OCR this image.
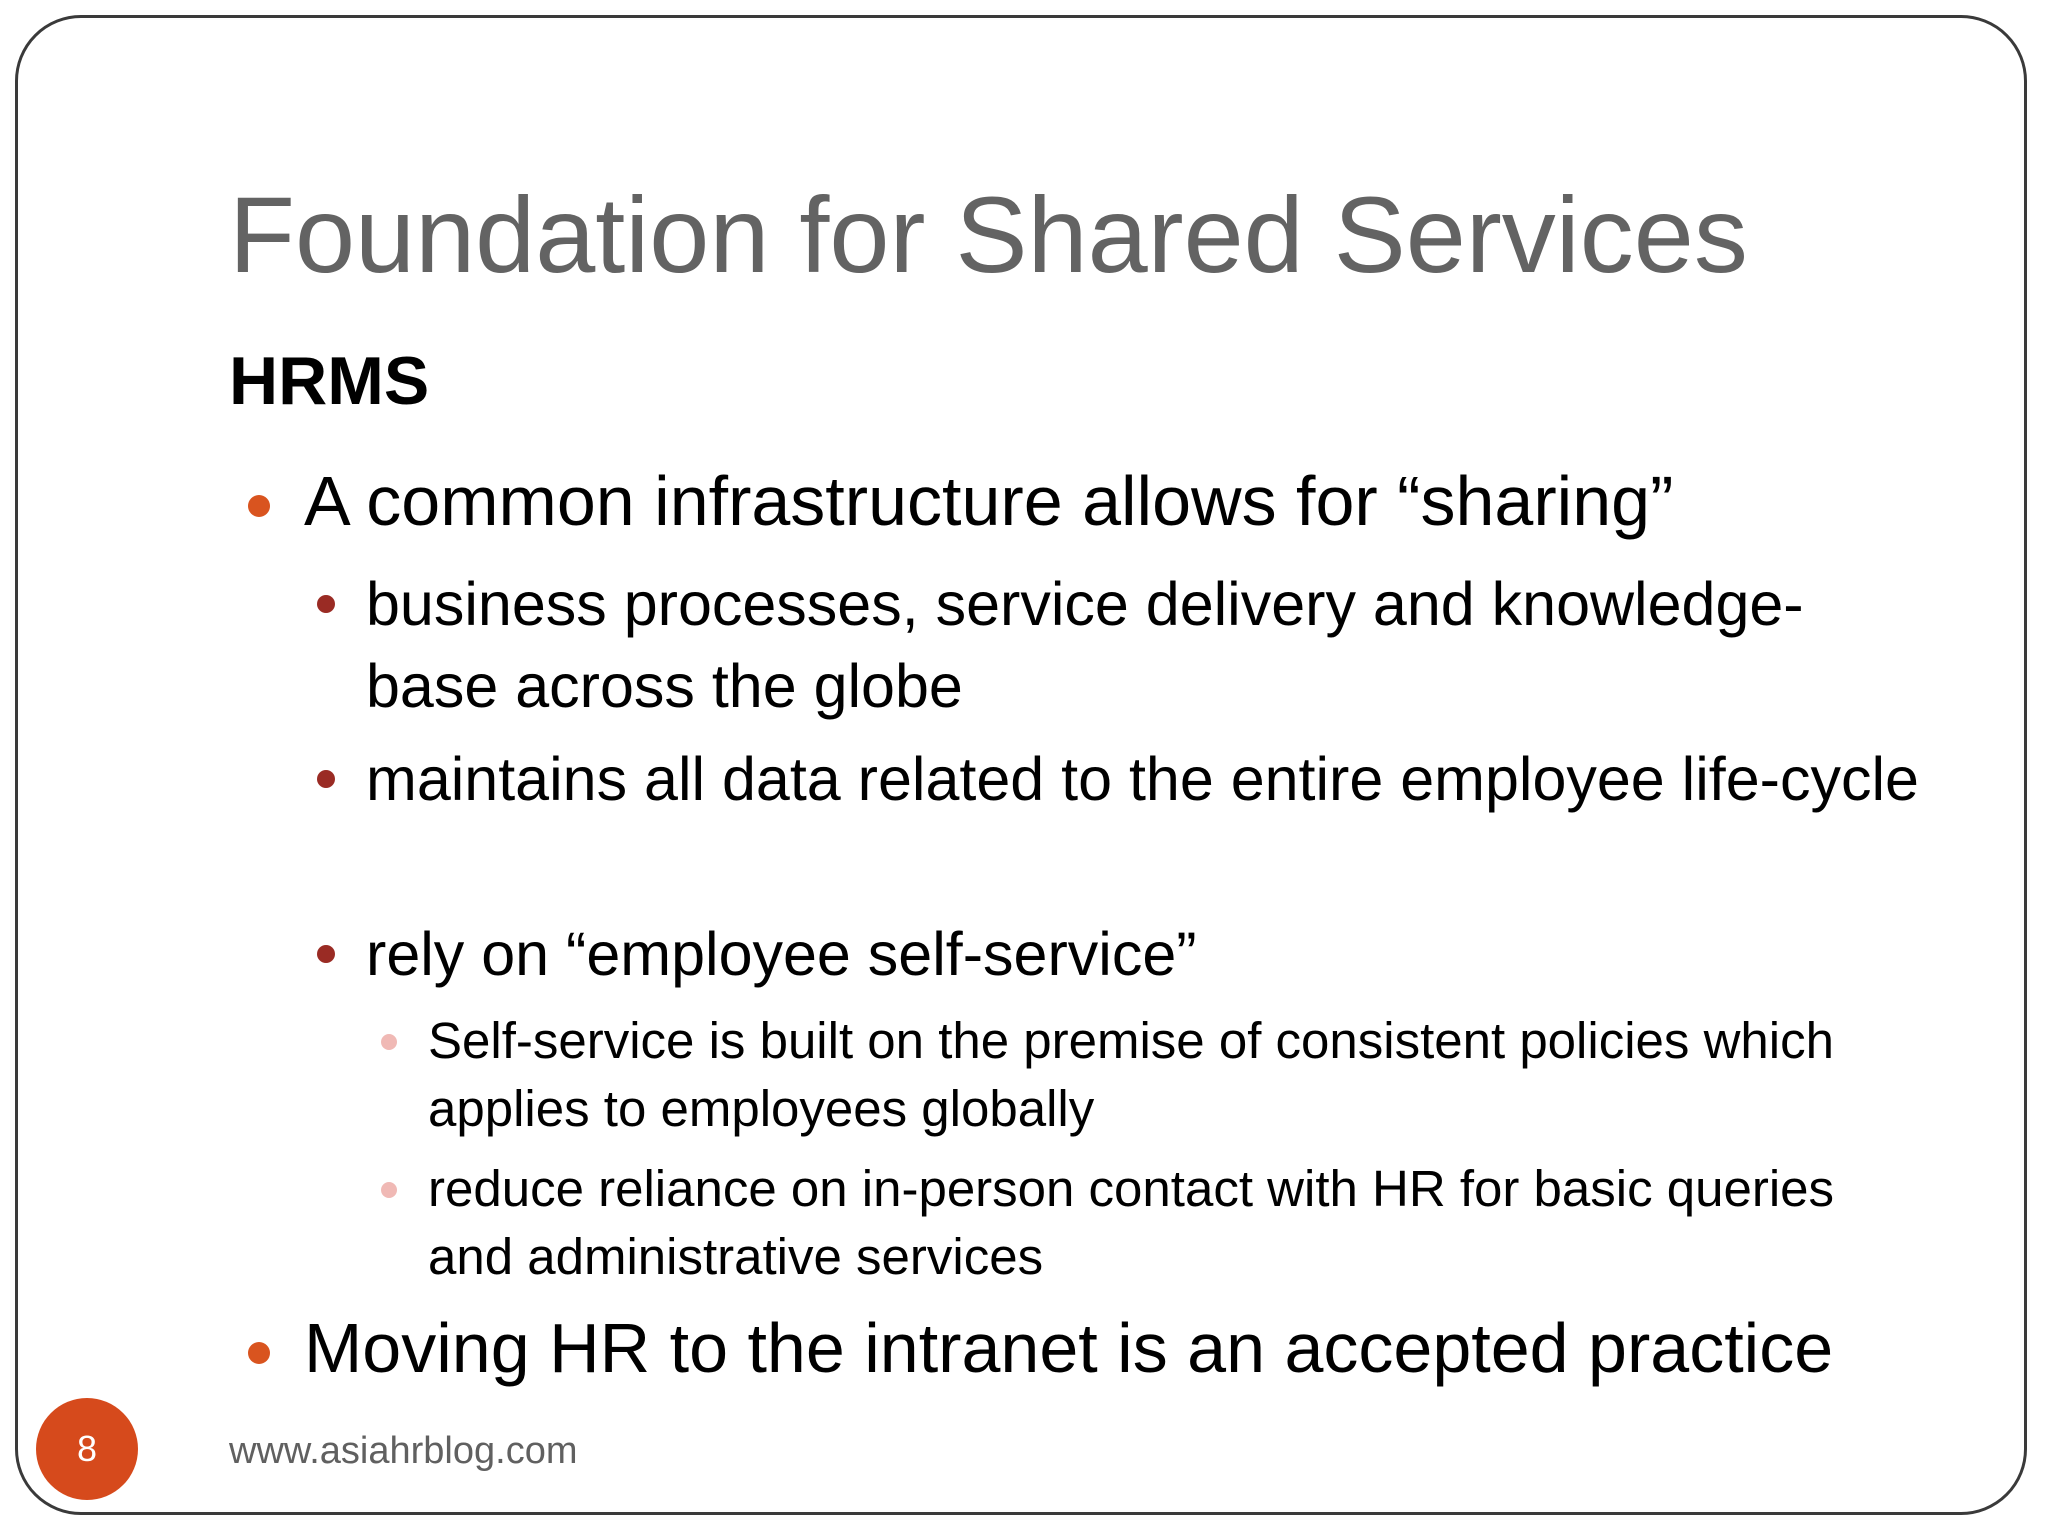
Foundation for Shared Services
HRMS
A common infrastructure allows for “sharing”
business processes, service delivery and knowledge-base across the globe
maintains all data related to the entire employee life-cycle
rely on “employee self-service”
Self-service is built on the premise of consistent policies which applies to employees globally
reduce reliance on in-person contact with HR for basic queries and administrative services
Moving HR to the intranet is an accepted practice
8	www.asiahrblog.com
